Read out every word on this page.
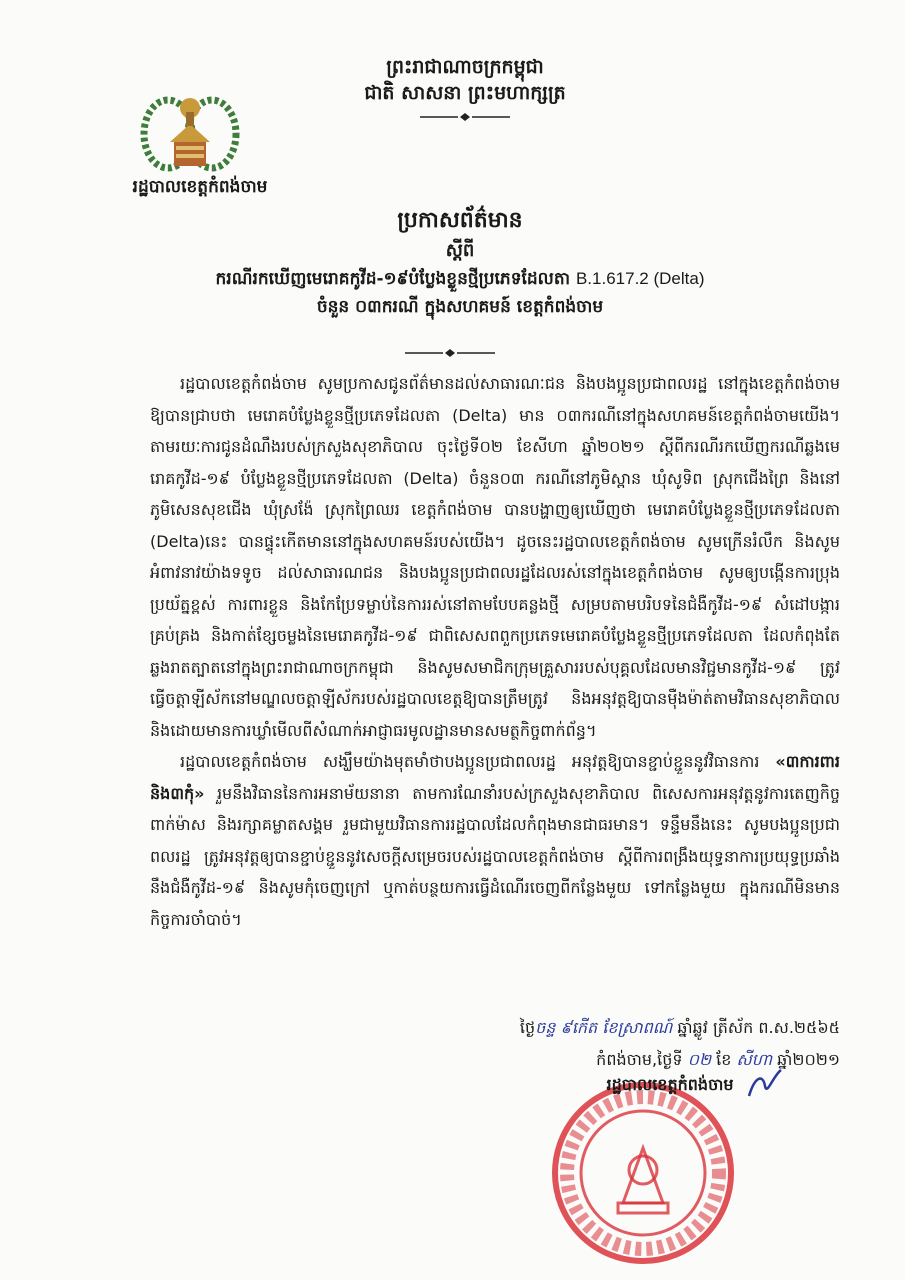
រដ្ឋបាលខេត្តកំពង់ចាម
ព្រះរាជាណាចក្រកម្ពុជា
ជាតិ សាសនា ព្រះមហាក្សត្រ
ប្រកាសព័ត៌មាន
ស្តីពី
ករណីរកឃើញមេរោគកូវីដ-១៩បំប្លែងខ្លួនថ្មីប្រភេទដែលតា B.1.617.2 (Delta)
ចំនួន ០៣ករណី ក្នុងសហគមន៍ ខេត្តកំពង់ចាម

រដ្ឋបាលខេត្តកំពង់ចាម សូមប្រកាសជូនព័ត៌មានដល់សាធារណៈជន និងបងប្អូនប្រជាពលរដ្ឋ នៅក្នុងខេត្តកំពង់ចាម ឱ្យបានជ្រាបថា មេរោគបំប្លែងខ្លួនថ្មីប្រភេទដែលតា (Delta) មាន ០៣ករណីនៅក្នុងសហគមន៍ខេត្តកំពង់ចាមយើង។ តាមរយៈការជូនដំណឹងរបស់ក្រសួងសុខាភិបាល ចុះថ្ងៃទី០២ ខែសីហា ឆ្នាំ២០២១ ស្តីពីករណីរកឃើញករណីឆ្លងមេរោគកូវីដ-១៩ បំប្លែងខ្លួនថ្មីប្រភេទដែលតា (Delta) ចំនួន០៣ ករណីនៅភូមិស្ពាន ឃុំសូទិព ស្រុកជើងព្រៃ និងនៅភូមិសេនសុខជើង ឃុំស្រង៉ែ ស្រុកព្រៃឈរ ខេត្តកំពង់ចាម បានបង្ហាញឲ្យឃើញថា មេរោគបំប្លែងខ្លួនថ្មីប្រភេទដែលតា (Delta)នេះ បានផ្ទុះកើតមាននៅក្នុងសហគមន៍របស់យើង។ ដូចនេះរដ្ឋបាលខេត្តកំពង់ចាម សូមក្រើនរំលឹក និងសូមអំពាវនាវយ៉ាងទទូច ដល់សាធារណជន និងបងប្អូនប្រជាពលរដ្ឋដែលរស់នៅក្នុងខេត្តកំពង់ចាម សូមឲ្យបង្កើនការប្រុងប្រយ័ត្នខ្ពស់ ការពារខ្លួន និងកែប្រែទម្លាប់នៃការរស់នៅតាមបែបគន្លងថ្មី សម្របតាមបរិបទនៃជំងឺកូវីដ-១៩ សំដៅបង្ការ គ្រប់គ្រង និងកាត់ខ្សែចម្លងនៃមេរោគកូវីដ-១៩ ជាពិសេសពពួកប្រភេទមេរោគបំប្លែងខ្លួនថ្មីប្រភេទដែលតា ដែលកំពុងតែឆ្លងរាតត្បាតនៅក្នុងព្រះរាជាណាចក្រកម្ពុជា និងសូមសមាជិកក្រុមគ្រួសាររបស់បុគ្គលដែលមានវិជ្ជមានកូវីដ-១៩ ត្រូវធ្វើចត្តាឡីស័កនៅមណ្ឌលចត្តាឡីស័ករបស់រដ្ឋបាលខេត្តឱ្យបានត្រឹមត្រូវ និងអនុវត្តឱ្យបានម៉ឺងម៉ាត់តាមវិធានសុខាភិបាល និងដោយមានការឃ្លាំមើលពីសំណាក់អាជ្ញាធរមូលដ្ឋានមានសមត្ថកិច្ចពាក់ព័ន្ធ។

រដ្ឋបាលខេត្តកំពង់ចាម សង្ឃឹមយ៉ាងមុតមាំថាបងប្អូនប្រជាពលរដ្ឋ អនុវត្តឱ្យបានខ្ជាប់ខ្ជួននូវវិធានការ «៣ការពារ និង៣កុំ» រួមនឹងវិធាននៃការអនាម័យនានា តាមការណែនាំរបស់ក្រសួងសុខាភិបាល ពិសេសការអនុវត្តនូវការតេញកិច្ចពាក់ម៉ាស និងរក្សាគម្លាតសង្គម រួមជាមួយវិធានការរដ្ឋបាលដែលកំពុងមានជាធរមាន។ ទន្ទឹមនឹងនេះ សូមបងប្អូនប្រជាពលរដ្ឋ ត្រូវអនុវត្តឲ្យបានខ្ជាប់ខ្ជួននូវសេចក្តីសម្រេចរបស់រដ្ឋបាលខេត្តកំពង់ចាម ស្តីពីការពង្រឹងយុទ្ធនាការប្រយុទ្ធប្រឆាំងនឹងជំងឺកូវីដ-១៩ និងសូមកុំចេញក្រៅ ឬកាត់បន្ថយការធ្វើដំណើរចេញពីកន្លែងមួយ ទៅកន្លែងមួយ ក្នុងករណីមិនមានកិច្ចការចាំបាច់។

ថ្ងៃចន្ទ ៩កើត ខែស្រាពណ៍ ឆ្នាំឆ្លូវ ត្រីស័ក ព.ស.២៥៦៥
កំពង់ចាម,ថ្ងៃទី ០២ ខែ សីហា ឆ្នាំ២០២១
រដ្ឋបាលខេត្តកំពង់ចាម
